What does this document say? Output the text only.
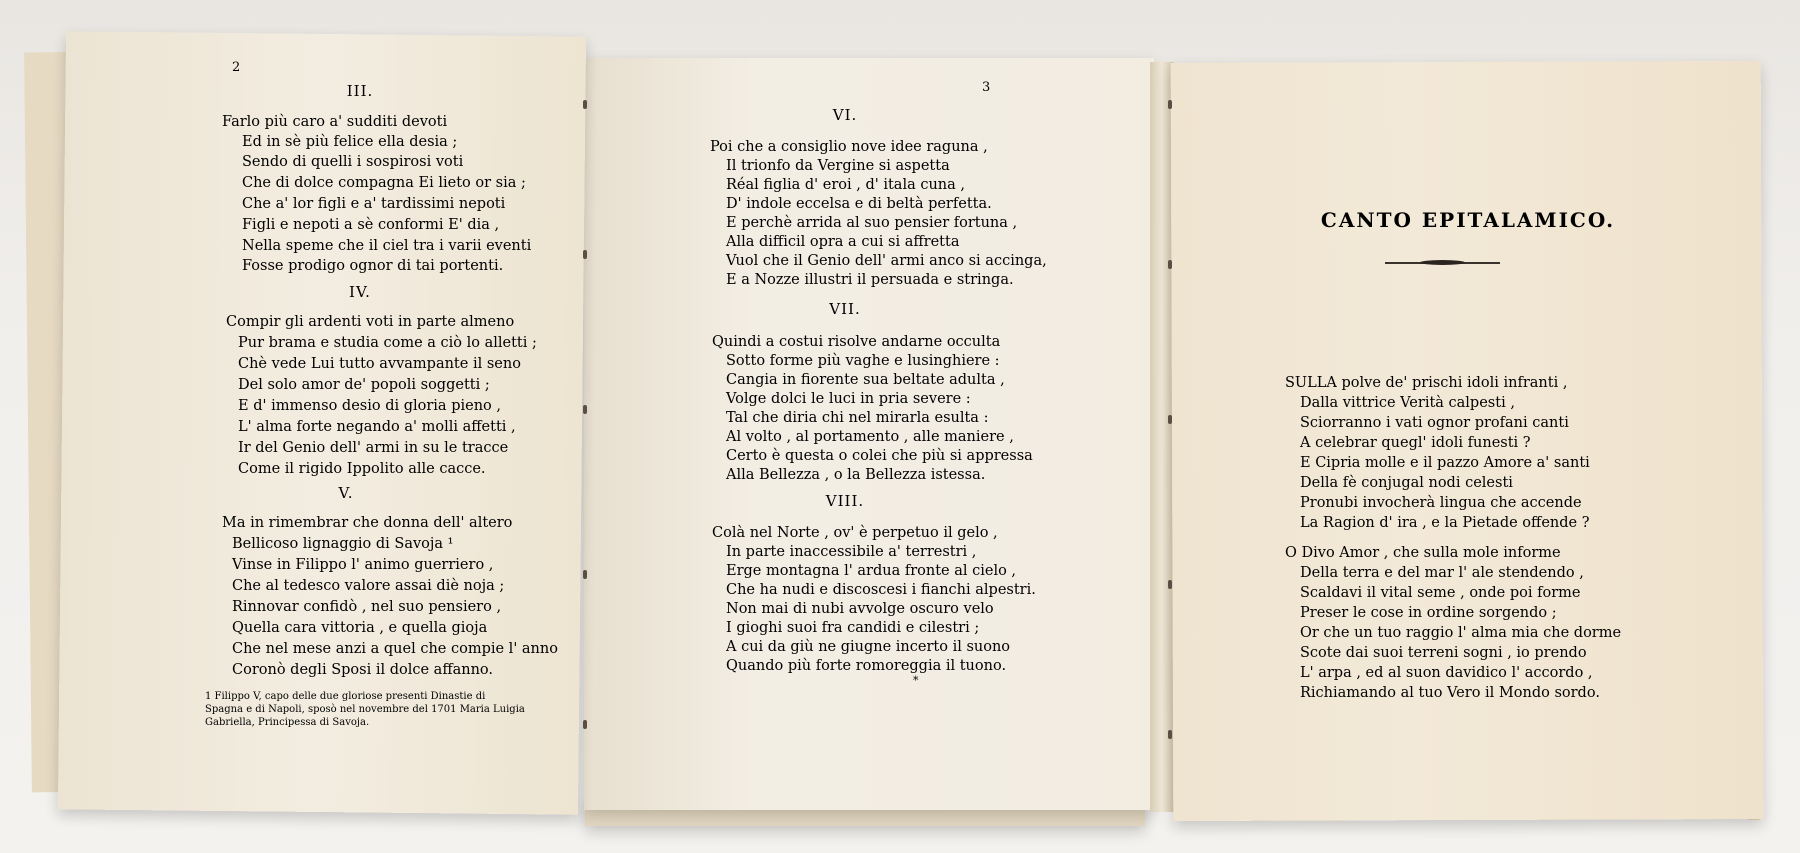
2
III.
Farlo più caro a' sudditi devoti
Ed in sè più felice ella desia ;
Sendo di quelli i sospirosi voti
Che di dolce compagna Ei lieto or sia ;
Che a' lor figli e a' tardissimi nepoti
Figli e nepoti a sè conformi E' dia ,
Nella speme che il ciel tra i varii eventi
Fosse prodigo ognor di tai portenti.
IV.
Compir gli ardenti voti in parte almeno
Pur brama e studia come a ciò lo alletti ;
Chè vede Lui tutto avvampante il seno
Del solo amor de' popoli soggetti ;
E d' immenso desio di gloria pieno ,
L' alma forte negando a' molli affetti ,
Ir del Genio dell' armi in su le tracce
Come il rigido Ippolito alle cacce.
V.
Ma in rimembrar che donna dell' altero
Bellicoso lignaggio di Savoja ¹
Vinse in Filippo l' animo guerriero ,
Che al tedesco valore assai diè noja ;
Rinnovar confidò , nel suo pensiero ,
Quella cara vittoria , e quella gioja
Che nel mese anzi a quel che compie l' anno
Coronò degli Sposi il dolce affanno.
1 Filippo V, capo delle due gloriose presenti Dinastie di
Spagna e di Napoli, sposò nel novembre del 1701 Maria Luigia
Gabriella, Principessa di Savoja.
3
VI.
Poi che a consiglio nove idee raguna ,
Il trionfo da Vergine si aspetta
Réal figlia d' eroi , d' itala cuna ,
D' indole eccelsa e di beltà perfetta.
E perchè arrida al suo pensier fortuna ,
Alla difficil opra a cui si affretta
Vuol che il Genio dell' armi anco si accinga,
E a Nozze illustri il persuada e stringa.
VII.
Quindi a costui risolve andarne occulta
Sotto forme più vaghe e lusinghiere :
Cangia in fiorente sua beltate adulta ,
Volge dolci le luci in pria severe :
Tal che diria chi nel mirarla esulta :
Al volto , al portamento , alle maniere ,
Certo è questa o colei che più si appressa
Alla Bellezza , o la Bellezza istessa.
VIII.
Colà nel Norte , ov' è perpetuo il gelo ,
In parte inaccessibile a' terrestri ,
Erge montagna l' ardua fronte al cielo ,
Che ha nudi e discoscesi i fianchi alpestri.
Non mai di nubi avvolge oscuro velo
I gioghi suoi fra candidi e cilestri ;
A cui da giù ne giugne incerto il suono
Quando più forte romoreggia il tuono.
*
CANTO EPITALAMICO.
SULLA polve de' prischi idoli infranti ,
Dalla vittrice Verità calpesti ,
Sciorranno i vati ognor profani canti
A celebrar quegl' idoli funesti ?
E Cipria molle e il pazzo Amore a' santi
Della fè conjugal nodi celesti
Pronubi invocherà lingua che accende
La Ragion d' ira , e la Pietade offende ?
O Divo Amor , che sulla mole informe
Della terra e del mar l' ale stendendo ,
Scaldavi il vital seme , onde poi forme
Preser le cose in ordine sorgendo ;
Or che un tuo raggio l' alma mia che dorme
Scote dai suoi terreni sogni , io prendo
L' arpa , ed al suon davidico l' accordo ,
Richiamando al tuo Vero il Mondo sordo.
